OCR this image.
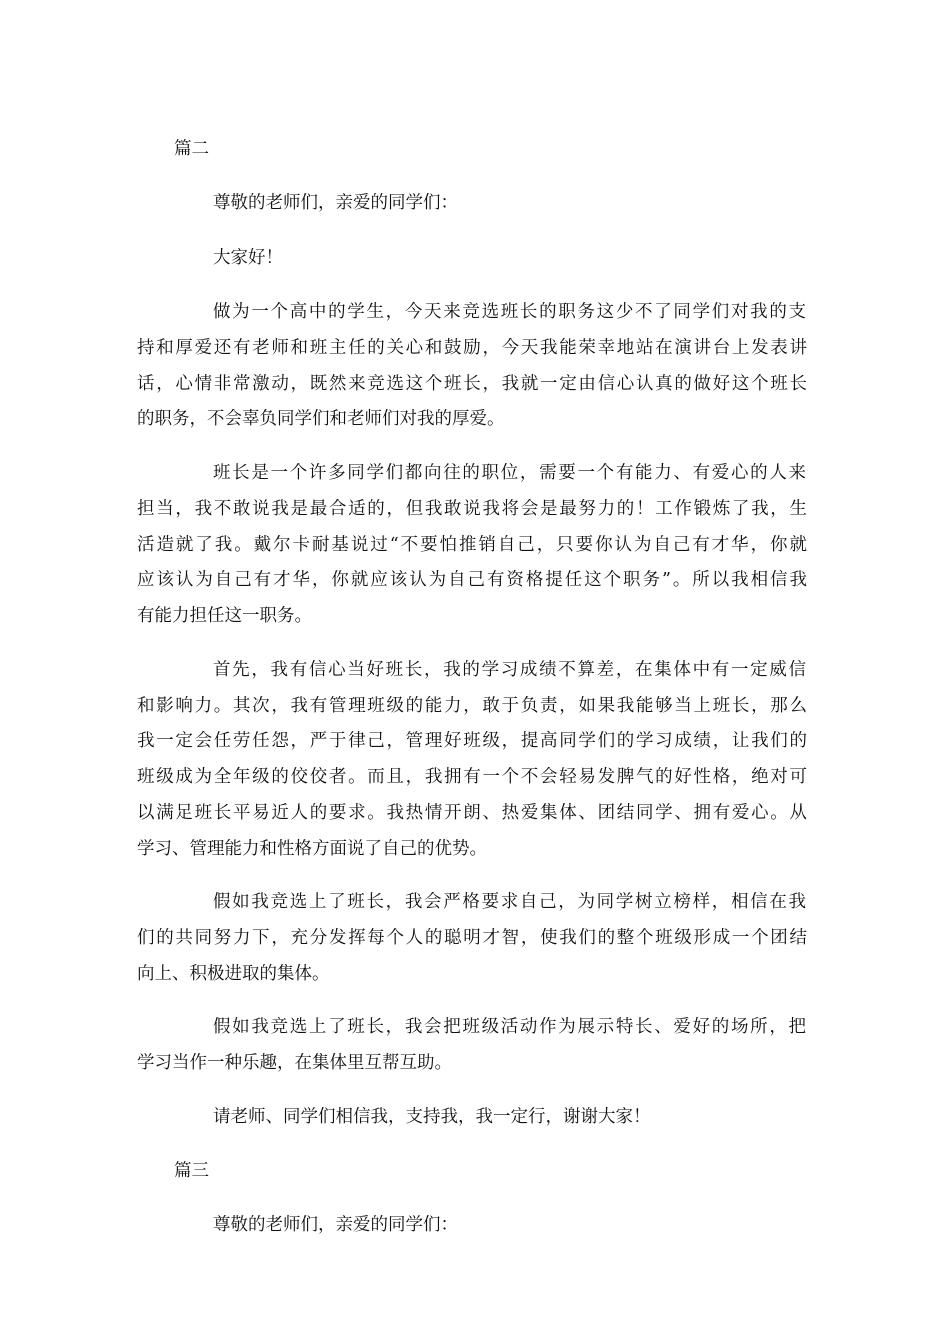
篇二
尊敬的老师们，亲爱的同学们：
大家好！
做为一个高中的学生，今天来竞选班长的职务这少不了同学们对我的支
持和厚爱还有老师和班主任的关心和鼓励，今天我能荣幸地站在演讲台上发表讲
话，心情非常激动，既然来竞选这个班长，我就一定由信心认真的做好这个班长
的职务，不会辜负同学们和老师们对我的厚爱。
班长是一个许多同学们都向往的职位，需要一个有能力、有爱心的人来
担当，我不敢说我是最合适的，但我敢说我将会是最努力的！工作锻炼了我，生
活造就了我。戴尔卡耐基说过“不要怕推销自己，只要你认为自己有才华，你就
应该认为自己有才华，你就应该认为自己有资格提任这个职务”。所以我相信我
有能力担任这一职务。
首先，我有信心当好班长，我的学习成绩不算差，在集体中有一定威信
和影响力。其次，我有管理班级的能力，敢于负责，如果我能够当上班长，那么
我一定会任劳任怨，严于律己，管理好班级，提高同学们的学习成绩，让我们的
班级成为全年级的佼佼者。而且，我拥有一个不会轻易发脾气的好性格，绝对可
以满足班长平易近人的要求。我热情开朗、热爱集体、团结同学、拥有爱心。从
学习、管理能力和性格方面说了自己的优势。
假如我竞选上了班长，我会严格要求自己，为同学树立榜样，相信在我
们的共同努力下，充分发挥每个人的聪明才智，使我们的整个班级形成一个团结
向上、积极进取的集体。
假如我竞选上了班长，我会把班级活动作为展示特长、爱好的场所，把
学习当作一种乐趣，在集体里互帮互助。
请老师、同学们相信我，支持我，我一定行，谢谢大家！
篇三
尊敬的老师们，亲爱的同学们：
